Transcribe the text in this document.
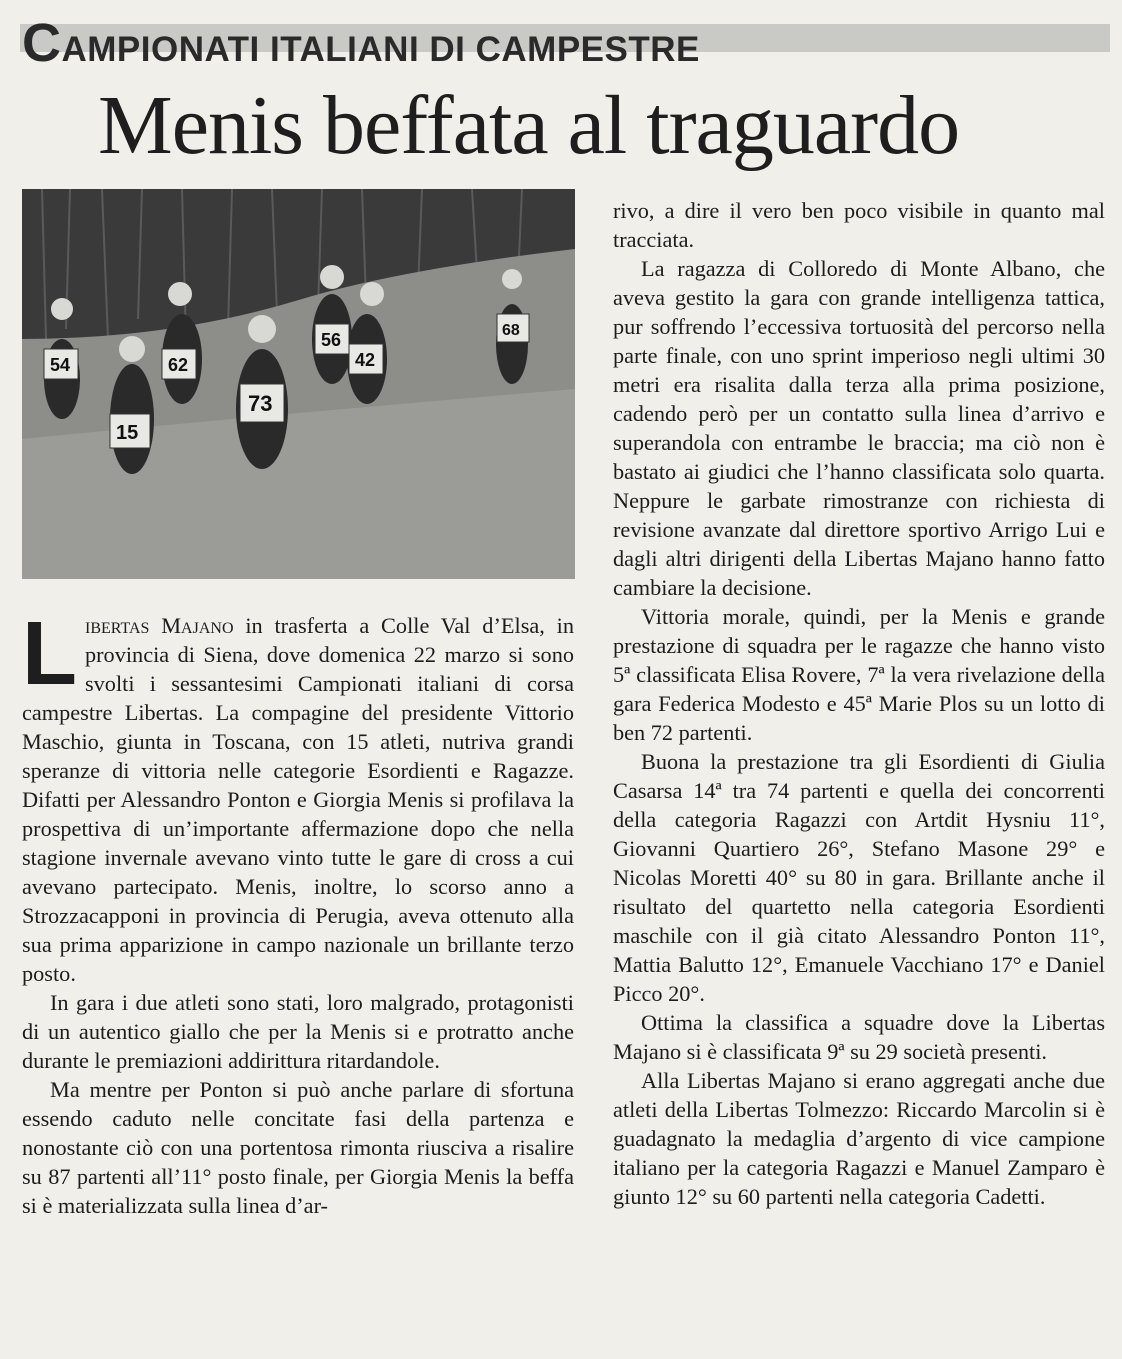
CAMPIONATI ITALIANI DI CAMPESTRE
Menis beffata al traguardo
54	62
56
42
68
15
73

Libertas Majano in trasferta a Colle Val d’Elsa, in provincia di Siena, dove domenica 22 marzo si sono svolti i sessantesimi Campionati italiani di corsa campestre Libertas. La compagine del presidente Vittorio Maschio, giunta in Toscana, con 15 atleti, nutriva grandi speranze di vittoria nelle categorie Esordienti e Ragazze. Difatti per Alessandro Ponton e Giorgia Menis si profilava la prospettiva di un’importante affermazione dopo che nella stagione invernale avevano vinto tutte le gare di cross a cui avevano partecipato. Menis, inoltre, lo scorso anno a Strozzacapponi in provincia di Perugia, aveva ottenuto alla sua prima apparizione in campo nazionale un brillante terzo posto.

In gara i due atleti sono stati, loro malgrado, protagonisti di un autentico giallo che per la Menis si e protratto anche durante le premiazioni addirittura ritardandole.

Ma mentre per Ponton si può anche parlare di sfortuna essendo caduto nelle concitate fasi della partenza e nonostante ciò con una portentosa rimonta riusciva a risalire su 87 partenti all’11° posto finale, per Giorgia Menis la beffa si è materializzata sulla linea d’ar-

rivo, a dire il vero ben poco visibile in quanto mal tracciata.

La ragazza di Colloredo di Monte Albano, che aveva gestito la gara con grande intelligenza tattica, pur soffrendo l’eccessiva tortuosità del percorso nella parte finale, con uno sprint imperioso negli ultimi 30 metri era risalita dalla terza alla prima posizione, cadendo però per un contatto sulla linea d’arrivo e superandola con entrambe le braccia; ma ciò non è bastato ai giudici che l’hanno classificata solo quarta. Neppure le garbate rimostranze con richiesta di revisione avanzate dal direttore sportivo Arrigo Lui e dagli altri dirigenti della Libertas Majano hanno fatto cambiare la decisione.

Vittoria morale, quindi, per la Menis e grande prestazione di squadra per le ragazze che hanno visto 5ª classificata Elisa Rovere, 7ª la vera rivelazione della gara Federica Modesto e 45ª Marie Plos su un lotto di ben 72 partenti.

Buona la prestazione tra gli Esordienti di Giulia Casarsa 14ª tra 74 partenti e quella dei concorrenti della categoria Ragazzi con Artdit Hysniu 11°, Giovanni Quartiero 26°, Stefano Masone 29° e Nicolas Moretti 40° su 80 in gara. Brillante anche il risultato del quartetto nella categoria Esordienti maschile con il già citato Alessandro Ponton 11°, Mattia Balutto 12°, Emanuele Vacchiano 17° e Daniel Picco 20°.

Ottima la classifica a squadre dove la Libertas Majano si è classificata 9ª su 29 società presenti.

Alla Libertas Majano si erano aggregati anche due atleti della Libertas Tolmezzo: Riccardo Marcolin si è guadagnato la medaglia d’argento di vice campione italiano per la categoria Ragazzi e Manuel Zamparo è giunto 12° su 60 partenti nella categoria Cadetti.
